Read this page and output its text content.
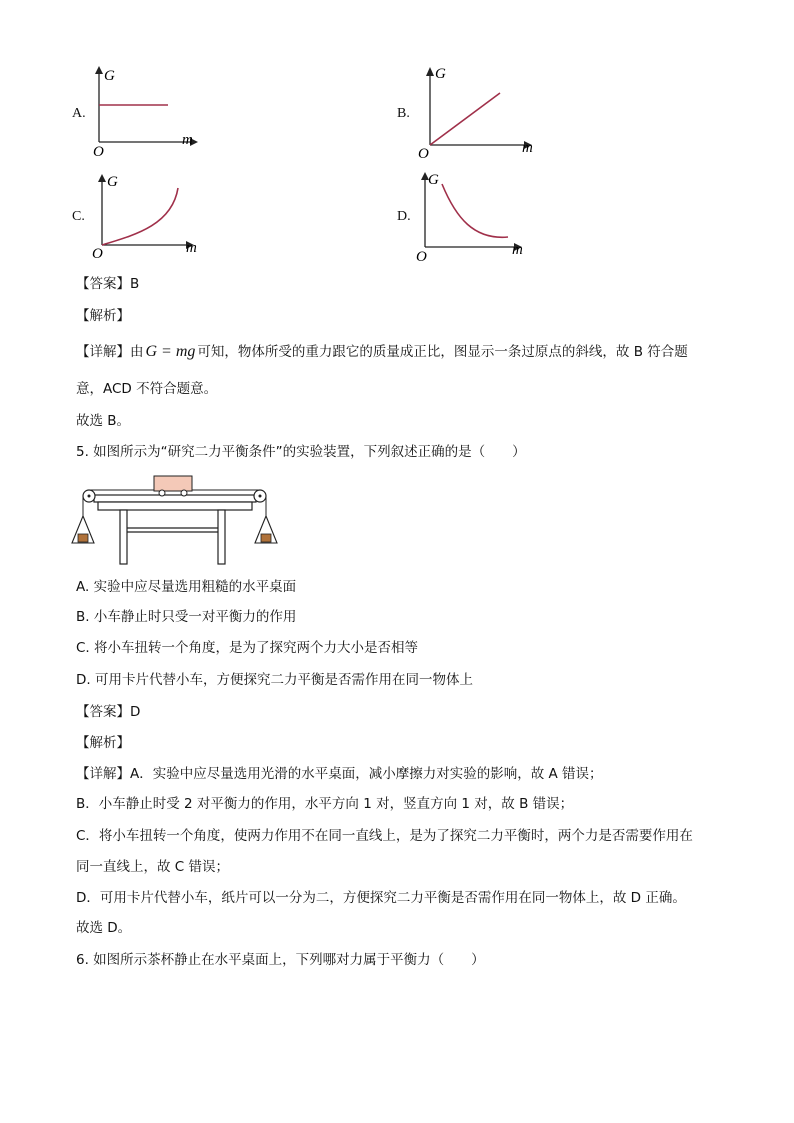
A.
G
m
O
B.
G
m
O
C.
G
m
O
D.
G
m
O
【答案】B
【解析】
【详解】由 G = mg 可知，物体所受的重力跟它的质量成正比，图显示一条过原点的斜线，故 B 符合题
意，ACD 不符合题意。
故选 B。
5. 如图所示为“研究二力平衡条件”的实验装置，下列叙述正确的是（　　）
A. 实验中应尽量选用粗糙的水平桌面
B. 小车静止时只受一对平衡力的作用
C. 将小车扭转一个角度，是为了探究两个力大小是否相等
D. 可用卡片代替小车，方便探究二力平衡是否需作用在同一物体上
【答案】D
【解析】
【详解】A．实验中应尽量选用光滑的水平桌面，减小摩擦力对实验的影响，故 A 错误；
B．小车静止时受 2 对平衡力的作用，水平方向 1 对，竖直方向 1 对，故 B 错误；
C．将小车扭转一个角度，使两力作用不在同一直线上，是为了探究二力平衡时，两个力是否需要作用在
同一直线上，故 C 错误；
D．可用卡片代替小车，纸片可以一分为二，方便探究二力平衡是否需作用在同一物体上，故 D 正确。
故选 D。
6. 如图所示茶杯静止在水平桌面上，下列哪对力属于平衡力（　　）
